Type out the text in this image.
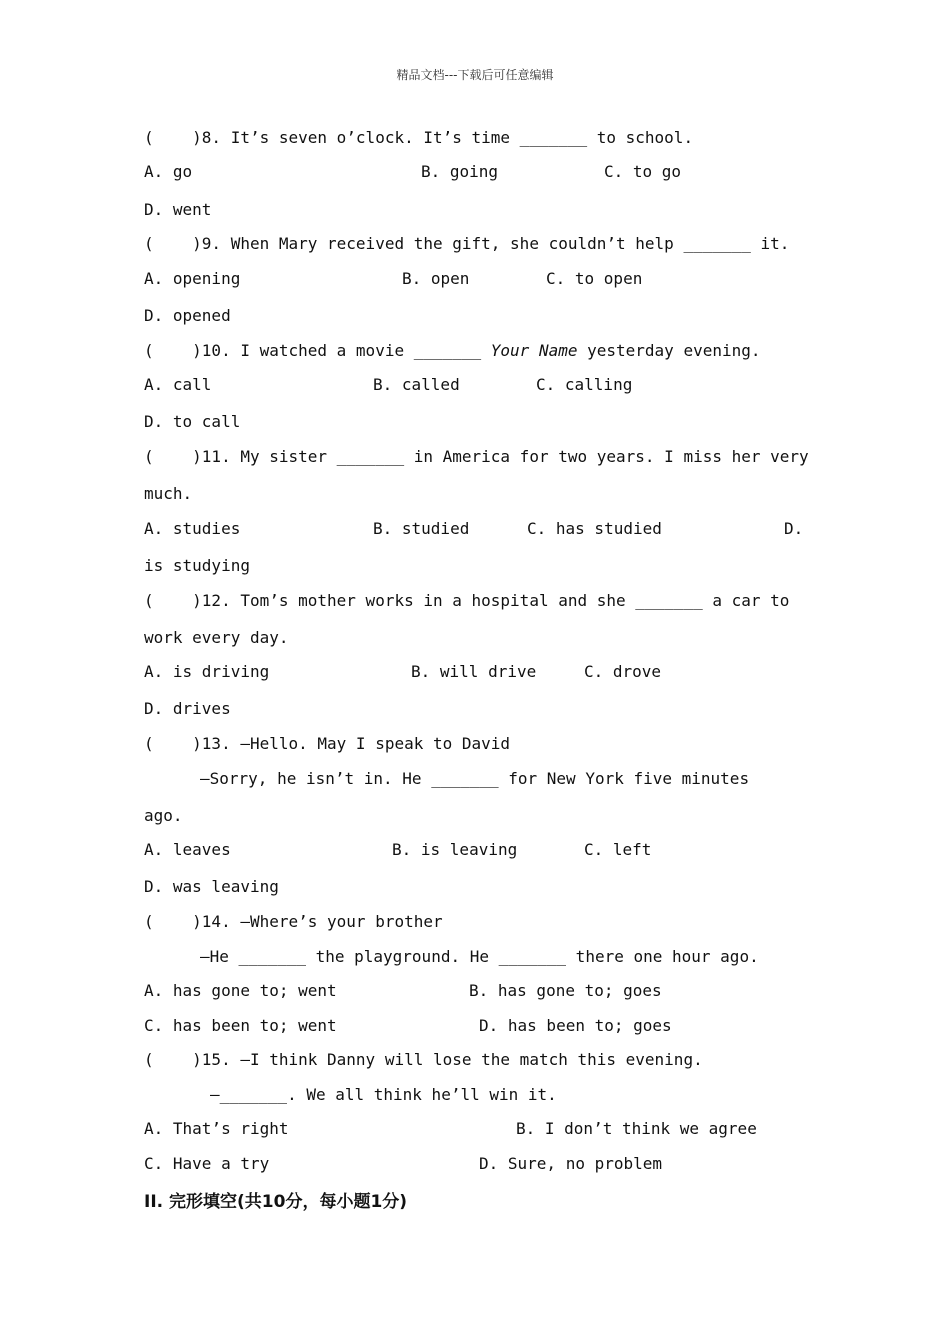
精品文档---下载后可任意编辑
(    )8. It’s seven o’clock. It’s time _______ to school.
A. go	B. going	C. to go
D. went
(    )9. When Mary received the gift, she couldn’t help _______ it.
A. opening	B. open	C. to open
D. opened
(    )10. I watched a movie _______ Your Name yesterday evening.
A. call	B. called	C. calling
D. to call
(    )11. My sister _______ in America for two years. I miss her very
much.
A. studies	B. studied	C. has studied	D.
is studying
(    )12. Tom’s mother works in a hospital and she _______ a car to
work every day.
A. is driving	B. will drive	C. drove
D. drives
(    )13. —Hello. May I speak to David
—Sorry, he isn’t in. He _______ for New York five minutes
ago.
A. leaves	B. is leaving	C. left
D. was leaving
(    )14. —Where’s your brother
—He _______ the playground. He _______ there one hour ago.
A. has gone to; went	B. has gone to; goes
C. has been to; went	D. has been to; goes
(    )15. —I think Danny will lose the match this evening.
—_______. We all think he’ll win it.
A. That’s right	B. I don’t think we agree
C. Have a try	D. Sure, no problem
II. 完形填空(共10分，每小题1分)
